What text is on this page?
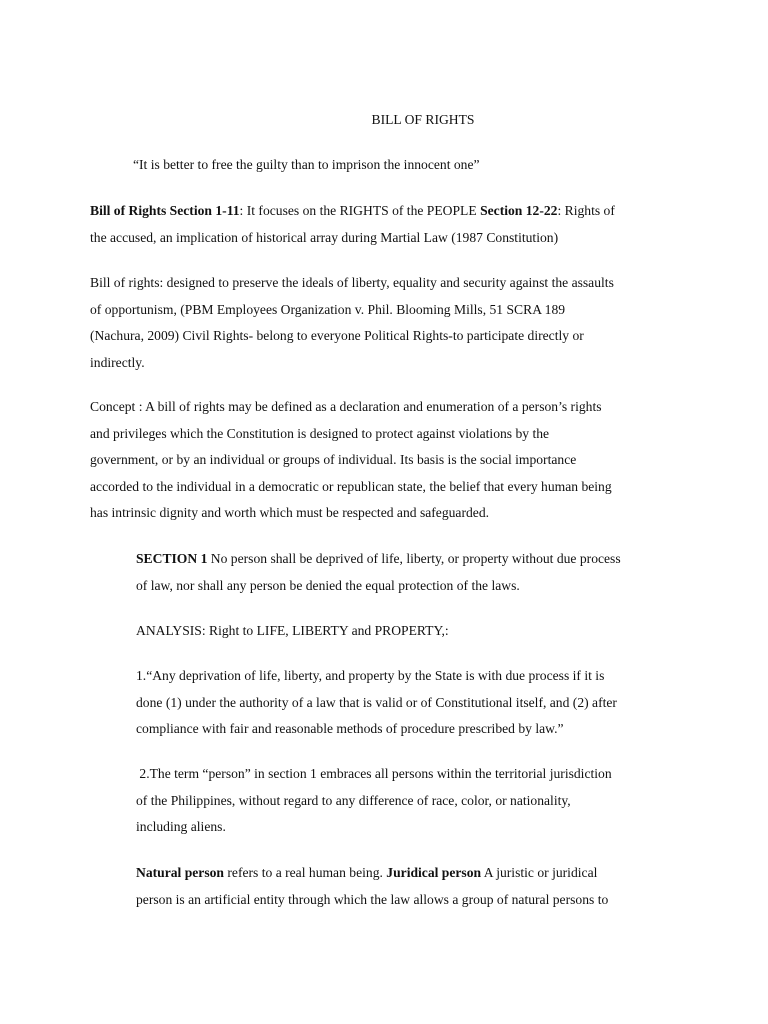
BILL OF RIGHTS

“It is better to free the guilty than to imprison the innocent one”

Bill of Rights Section 1-11: It focuses on the RIGHTS of the PEOPLE Section 12-22: Rights of
the accused, an implication of historical array during Martial Law (1987 Constitution)

Bill of rights: designed to preserve the ideals of liberty, equality and security against the assaults
of opportunism, (PBM Employees Organization v. Phil. Blooming Mills, 51 SCRA 189
(Nachura, 2009) Civil Rights- belong to everyone Political Rights-to participate directly or
indirectly.

Concept : A bill of rights may be defined as a declaration and enumeration of a person’s rights
and privileges which the Constitution is designed to protect against violations by the
government, or by an individual or groups of individual. Its basis is the social importance
accorded to the individual in a democratic or republican state, the belief that every human being
has intrinsic dignity and worth which must be respected and safeguarded.

SECTION 1 No person shall be deprived of life, liberty, or property without due process
of law, nor shall any person be denied the equal protection of the laws.

ANALYSIS: Right to LIFE, LIBERTY and PROPERTY,:

1.“Any deprivation of life, liberty, and property by the State is with due process if it is
done (1) under the authority of a law that is valid or of Constitutional itself, and (2) after
compliance with fair and reasonable methods of procedure prescribed by law.”

2.The term “person” in section 1 embraces all persons within the territorial jurisdiction
of the Philippines, without regard to any difference of race, color, or nationality,
including aliens.

Natural person refers to a real human being. Juridical person A juristic or juridical
person is an artificial entity through which the law allows a group of natural persons to
